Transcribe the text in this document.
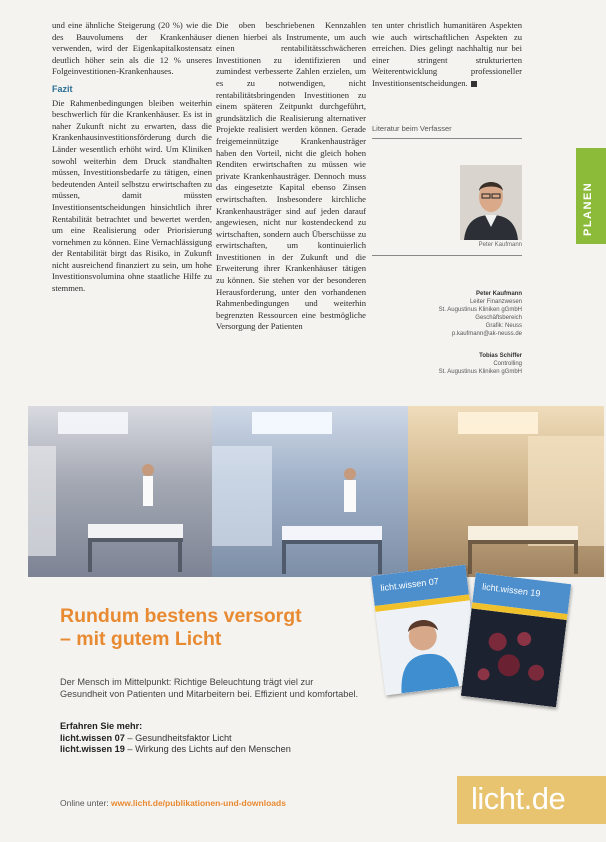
und eine ähnliche Steigerung (20 %) wie die des Bauvolumens der Krankenhäuser verwenden, wird der Eigenkapitalkostensatz deutlich höher sein als die 12 % unseres Folgeinvestitionen-Krankenhauses.

Fazit

Die Rahmenbedingungen bleiben weiterhin beschwerlich für die Krankenhäuser. Es ist in naher Zukunft nicht zu erwarten, dass die Krankenhausinvestitionsförderung durch die Länder wesentlich erhöht wird. Um Kliniken sowohl weiterhin dem Druck standhalten müssen, Investitionsbedarfe zu tätigen, einen bedeutenden Anteil selbstzu erwirtschaften zu müssen, damit müssten Investitionsentscheidungen hinsichtlich ihrer Rentabilität betrachtet und bewertet werden, um eine Realisierung oder Priorisierung vornehmen zu können. Eine Vernachlässigung der Rentabilität birgt das Risiko, in Zukunft nicht ausreichend finanziert zu sein, um hohe Investitionsvolumina ohne staatliche Hilfe zu stemmen.

Die oben beschriebenen Kennzahlen dienen hierbei als Instrumente, um auch einen rentabilitätsschwächeren Investitionen zu identifizieren und zumindest verbesserte Zahlen erzielen, um es zu notwendigen, nicht rentabilitätsbringenden Investitionen zu einem späteren Zeitpunkt durchgeführt, grundsätzlich die Realisierung alternativer Projekte realisiert werden können. Gerade freigemeinnützige Krankenhausträger haben den Vorteil, nicht die gleich hohen Renditen erwirtschaften zu müssen wie private Krankenhausträger. Dennoch muss das eingesetzte Kapital ebenso Zinsen erwirtschaften. Insbesondere kirchliche Krankenhausträger sind auf jeden darauf angewiesen, nicht nur kostendeckend zu wirtschaften, sondern auch Überschüsse zu erwirtschaften, um kontinuierlich Investitionen in der Zukunft und die Erweiterung ihrer Krankenhäuser tätigen zu können. Sie stehen vor der besonderen Herausforderung, unter den vorhandenen Rahmenbedingungen und weiterhin begrenzten Ressourcen eine bestmögliche Versorgung der Patienten

ten unter christlich humanitären Aspekten wie auch wirtschaftlichen Aspekten zu erreichen. Dies gelingt nachhaltig nur bei einer stringent strukturierten Weiterentwicklung professioneller Investitionsentscheidungen.

Literatur beim Verfasser
PLANEN
Peter Kaufmann
Peter Kaufmann
Leiter Finanzwesen
St. Augustinus Kliniken gGmbH
Geschäftsbereich
Grafik: Neuss
p.kaufmann@ak-neuss.de
Tobias Schiffer
Controlling
St. Augustinus Kliniken gGmbH
licht.wissen 07	licht.wissen 19
Rundum bestens versorgt
– mit gutem Licht
Der Mensch im Mittelpunkt: Richtige Beleuchtung trägt viel zur Gesundheit von Patienten und Mitarbeitern bei. Effizient und komfortabel.
Erfahren Sie mehr:
licht.wissen 07 – Gesundheitsfaktor Licht
licht.wissen 19 – Wirkung des Lichts auf den Menschen
Online unter: www.licht.de/publikationen-und-downloads	licht.de
